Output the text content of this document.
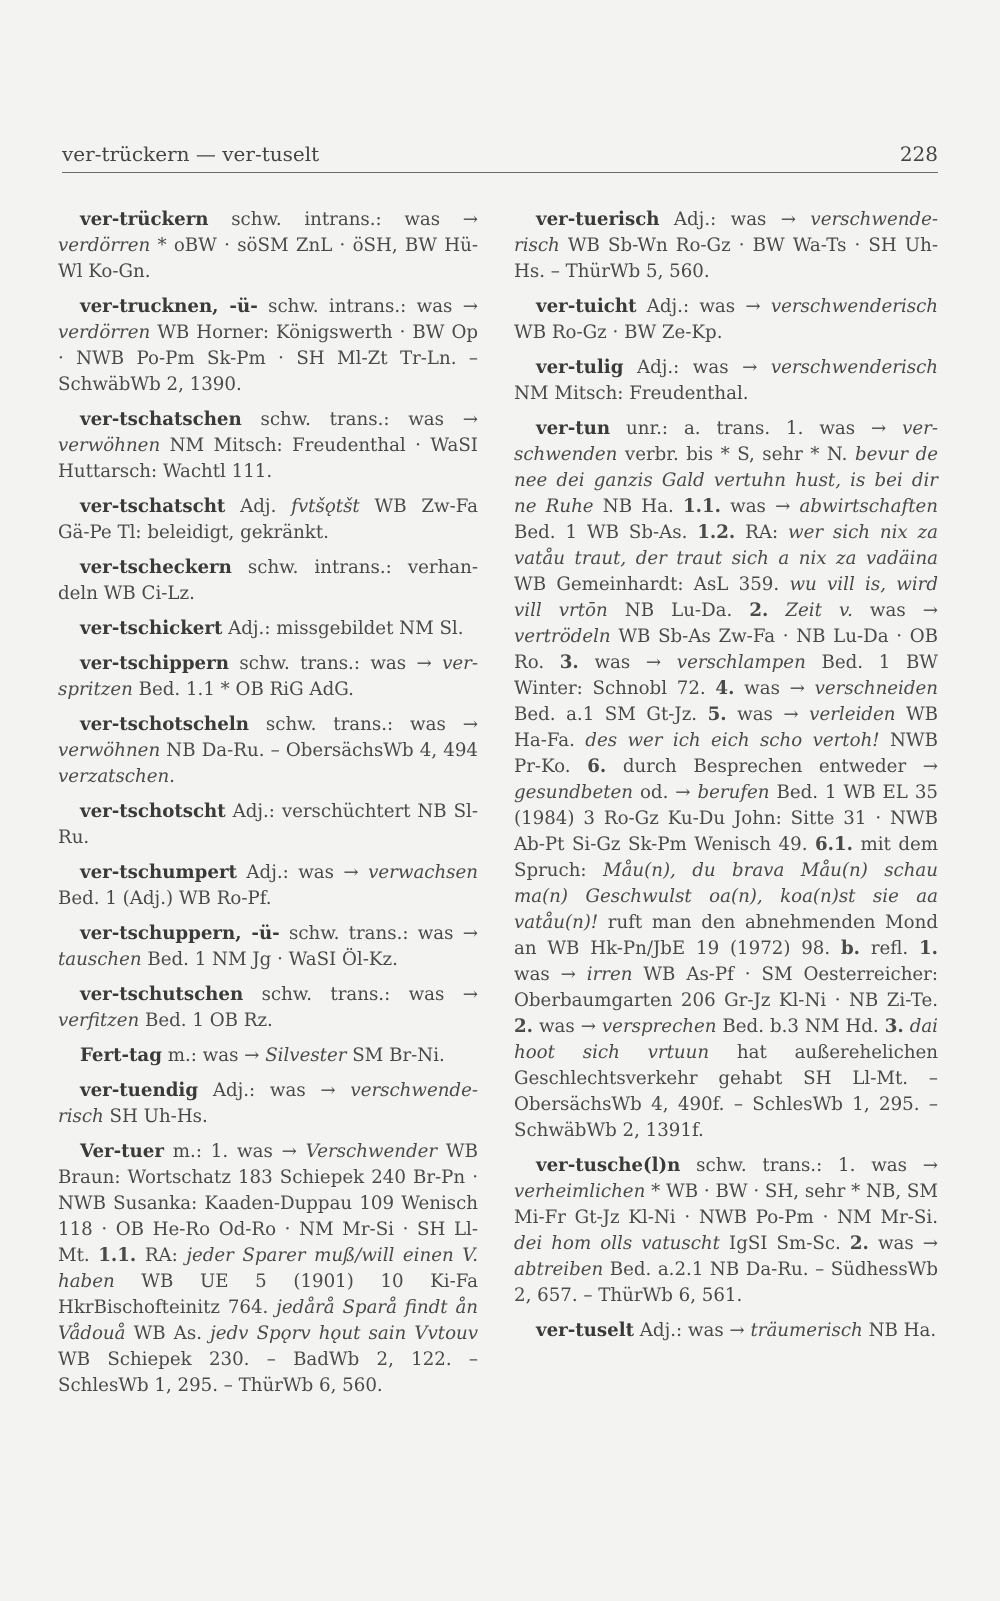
ver-trückern — ver-tuselt	228

ver-trückern schw. intrans.: was → verdörren * oBW · söSM ZnL · öSH, BW Hü-Wl Ko-Gn.

ver-trucknen, -ü- schw. intrans.: was → verdörren WB Horner: Königswerth · BW Op · NWB Po-Pm Sk-Pm · SH Ml-Zt Tr-Ln. – SchwäbWb 2, 1390.

ver-tschatschen schw. trans.: was → verwöhnen NM Mitsch: Freudenthal · WaSI Huttarsch: Wachtl 111.

ver-tschatscht Adj. fvtšǫtšt WB Zw-Fa Gä-Pe Tl: beleidigt, gekränkt.

ver-tscheckern schw. intrans.: verhandeln WB Ci-Lz.

ver-tschickert Adj.: missgebildet NM Sl.

ver-tschippern schw. trans.: was → verspritzen Bed. 1.1 * OB RiG AdG.

ver-tschotscheln schw. trans.: was → verwöhnen NB Da-Ru. – ObersächsWb 4, 494 verzatschen.

ver-tschotscht Adj.: verschüchtert NB Sl-Ru.

ver-tschumpert Adj.: was → verwachsen Bed. 1 (Adj.) WB Ro-Pf.

ver-tschuppern, -ü- schw. trans.: was → tauschen Bed. 1 NM Jg · WaSI Öl-Kz.

ver-tschutschen schw. trans.: was → verfitzen Bed. 1 OB Rz.

Fert-tag m.: was → Silvester SM Br-Ni.

ver-tuendig Adj.: was → verschwenderisch SH Uh-Hs.

Ver-tuer m.: 1. was → Verschwender WB Braun: Wortschatz 183 Schiepek 240 Br-Pn · NWB Susanka: Kaaden-Duppau 109 Wenisch 118 · OB He-Ro Od-Ro · NM Mr-Si · SH Ll-Mt. 1.1. RA: jeder Sparer muß/will einen V. haben WB UE 5 (1901) 10 Ki-Fa HkrBischofteinitz 764. jedårå Sparå findt ån Vådouå WB As. jedv Spǫrv hǫut sain Vvtouv WB Schiepek 230. – BadWb 2, 122. – SchlesWb 1, 295. – ThürWb 6, 560.

ver-tuerisch Adj.: was → verschwenderisch WB Sb-Wn Ro-Gz · BW Wa-Ts · SH Uh-Hs. – ThürWb 5, 560.

ver-tuicht Adj.: was → verschwenderisch WB Ro-Gz · BW Ze-Kp.

ver-tulig Adj.: was → verschwenderisch NM Mitsch: Freudenthal.

ver-tun unr.: a. trans. 1. was → verschwenden verbr. bis * S, sehr * N. bevur de nee dei ganzis Gald vertuhn hust, is bei dir ne Ruhe NB Ha. 1.1. was → abwirtschaften Bed. 1 WB Sb-As. 1.2. RA: wer sich nix za vatåu traut, der traut sich a nix za vadäina WB Gemeinhardt: AsL 359. wu vill is, wird vill vrtōn NB Lu-Da. 2. Zeit v. was → vertrödeln WB Sb-As Zw-Fa · NB Lu-Da · OB Ro. 3. was → verschlampen Bed. 1 BW Winter: Schnobl 72. 4. was → verschneiden Bed. a.1 SM Gt-Jz. 5. was → verleiden WB Ha-Fa. des wer ich eich scho vertoh! NWB Pr-Ko. 6. durch Besprechen entweder → gesundbeten od. → berufen Bed. 1 WB EL 35 (1984) 3 Ro-Gz Ku-Du John: Sitte 31 · NWB Ab-Pt Si-Gz Sk-Pm Wenisch 49. 6.1. mit dem Spruch: Måu(n), du brava Måu(n) schau ma(n) Geschwulst oa(n), koa(n)st sie aa vatåu(n)! ruft man den abnehmenden Mond an WB Hk-Pn/JbE 19 (1972) 98. b. refl. 1. was → irren WB As-Pf · SM Oesterreicher: Oberbaumgarten 206 Gr-Jz Kl-Ni · NB Zi-Te. 2. was → versprechen Bed. b.3 NM Hd. 3. dai hoot sich vrtuun hat außerehelichen Geschlechtsverkehr gehabt SH Ll-Mt. – ObersächsWb 4, 490f. – SchlesWb 1, 295. – SchwäbWb 2, 1391f.

ver-tusche(l)n schw. trans.: 1. was → verheimlichen * WB · BW · SH, sehr * NB, SM Mi-Fr Gt-Jz Kl-Ni · NWB Po-Pm · NM Mr-Si. dei hom olls vatuscht IgSI Sm-Sc. 2. was → abtreiben Bed. a.2.1 NB Da-Ru. – SüdhessWb 2, 657. – ThürWb 6, 561.

ver-tuselt Adj.: was → träumerisch NB Ha.
